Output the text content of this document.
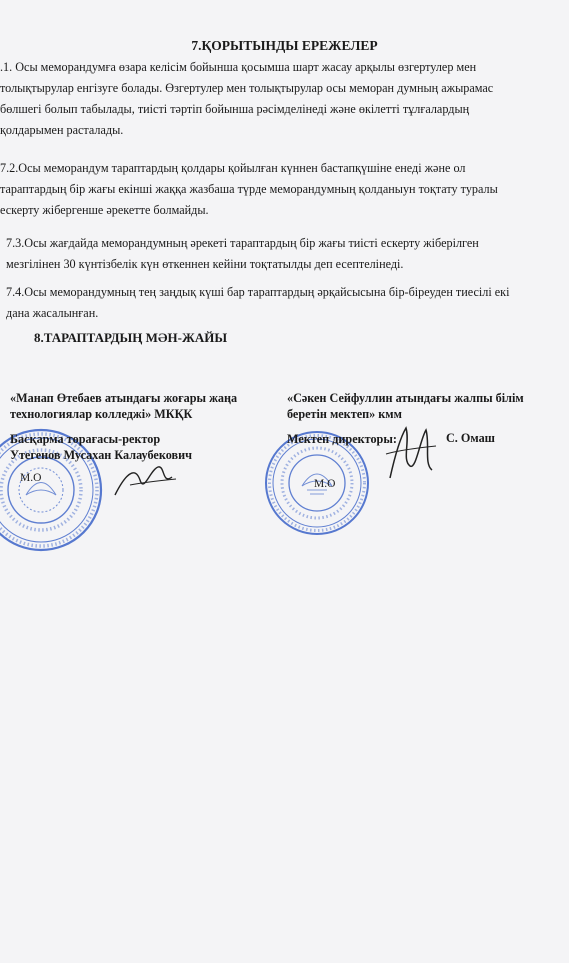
7.ҚОРЫТЫНДЫ ЕРЕЖЕЛЕР
.1. Осы меморандумға өзара келісім бойынша қосымша шарт жасау арқылы өзгертулер мен
толықтырулар енгізуге болады. Өзгертулер мен толықтырулар осы меморан думның ажырамас
бөлшегі болып табылады, тиісті тәртіп бойынша рәсімделінеді және өкілетті тұлғалардың
қолдарымен расталады.
7.2.Осы меморандум тараптардың қолдары қойылған күннен бастапқүшіне енеді және ол
тараптардың бір жағы екінші жаққа жазбаша түрде меморандумның қолданыун тоқтату туралы
ескерту жібергенше әрекетте болмайды.
7.3.Осы жағдайда меморандумның әрекеті тараптардың бір жағы тиісті ескерту жіберілген
мезгілінен 30 күнтізбелік күн өткеннен кейіни тоқтатылды деп есептелінеді.
7.4.Осы меморандумның тең заңдық күші бар тараптардың әрқайсысына бір-біреуден тиесілі екі
дана жасалынған.
8.ТАРАПТАРДЫҢ МӘН-ЖАЙЫ
«Манап Өтебаев атындағы жоғары жаңа
технологиялар колледжі» МКҚК
Басқарма төрағасы-ректор
Утегенов Мусахан Калаубекович
М.О
«Сәкен Сейфуллин атындағы жалпы білім
беретін мектеп» кмм
Мектеп директоры:	С. Омаш
М.О
